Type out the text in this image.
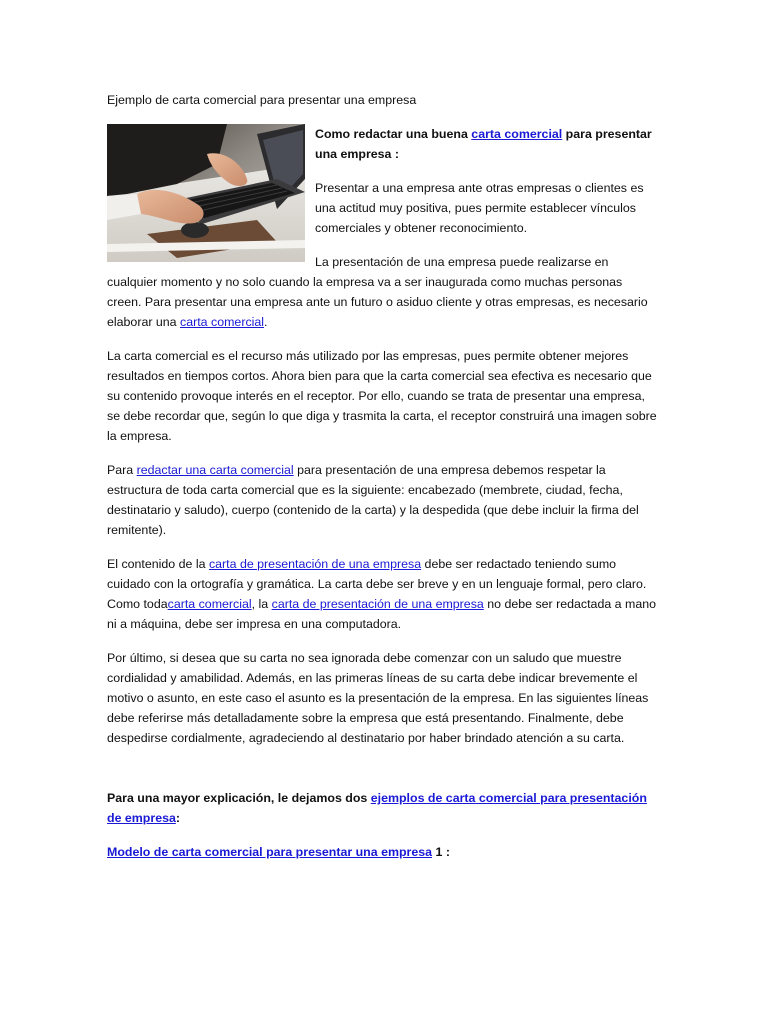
Ejemplo de carta comercial para presentar una empresa

Como redactar una buena carta comercial para presentar una empresa :

Presentar a una empresa ante otras empresas o clientes es una actitud muy positiva, pues permite establecer vínculos comerciales y obtener reconocimiento.

La presentación de una empresa puede realizarse en cualquier momento y no solo cuando la empresa va a ser inaugurada como muchas personas creen. Para presentar una empresa ante un futuro o asiduo cliente y otras empresas, es necesario elaborar una carta comercial.

La carta comercial es el recurso más utilizado por las empresas, pues permite obtener mejores resultados en tiempos cortos. Ahora bien para que la carta comercial sea efectiva es necesario que su contenido provoque interés en el receptor. Por ello, cuando se trata de presentar una empresa, se debe recordar que, según lo que diga y trasmita la carta, el receptor construirá una imagen sobre la empresa.

Para redactar una carta comercial para presentación de una empresa debemos respetar la estructura de toda carta comercial que es la siguiente: encabezado (membrete, ciudad, fecha, destinatario y saludo), cuerpo (contenido de la carta) y la despedida (que debe incluir la firma del remitente).

El contenido de la carta de presentación de una empresa debe ser redactado teniendo sumo cuidado con la ortografía y gramática. La carta debe ser breve y en un lenguaje formal, pero claro. Como todacarta comercial, la carta de presentación de una empresa no debe ser redactada a mano ni a máquina, debe ser impresa en una computadora.

Por último, si desea que su carta no sea ignorada debe comenzar con un saludo que muestre cordialidad y amabilidad. Además, en las primeras líneas de su carta debe indicar brevemente el motivo o asunto, en este caso el asunto es la presentación de la empresa. En las siguientes líneas debe referirse más detalladamente sobre la empresa que está presentando. Finalmente, debe despedirse cordialmente, agradeciendo al destinatario por haber brindado atención a su carta.

Para una mayor explicación, le dejamos dos ejemplos de carta comercial para presentación de empresa:

Modelo de carta comercial para presentar una empresa 1 :
